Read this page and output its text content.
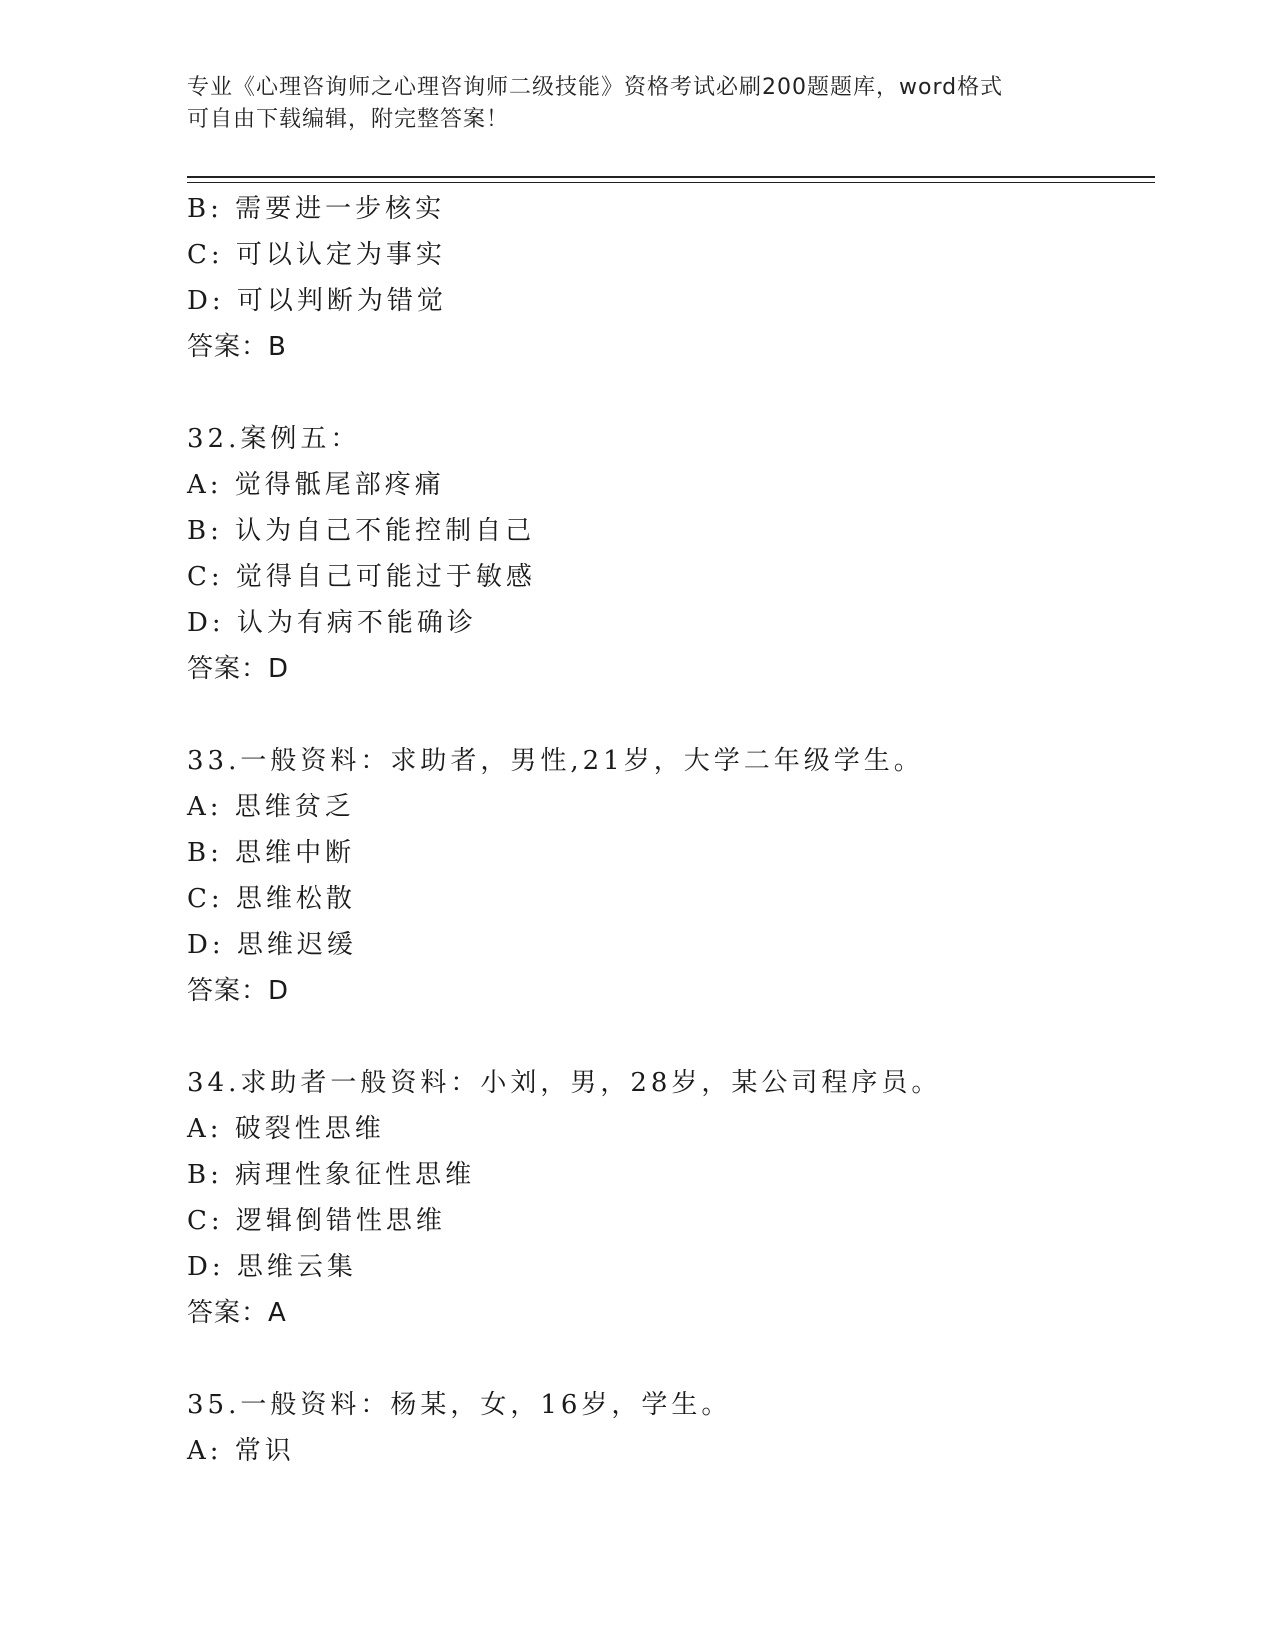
专业《心理咨询师之心理咨询师二级技能》资格考试必刷200题题库，word格式
可自由下载编辑，附完整答案！
B: 需要进一步核实
C: 可以认定为事实
D: 可以判断为错觉
答案：B
32.案例五：
A: 觉得骶尾部疼痛
B: 认为自己不能控制自己
C: 觉得自己可能过于敏感
D: 认为有病不能确诊
答案：D
33.一般资料：求助者，男性,21岁，大学二年级学生。
A: 思维贫乏
B: 思维中断
C: 思维松散
D: 思维迟缓
答案：D
34.求助者一般资料：小刘，男，28岁，某公司程序员。
A: 破裂性思维
B: 病理性象征性思维
C: 逻辑倒错性思维
D: 思维云集
答案：A
35.一般资料：杨某，女，16岁，学生。
A: 常识
